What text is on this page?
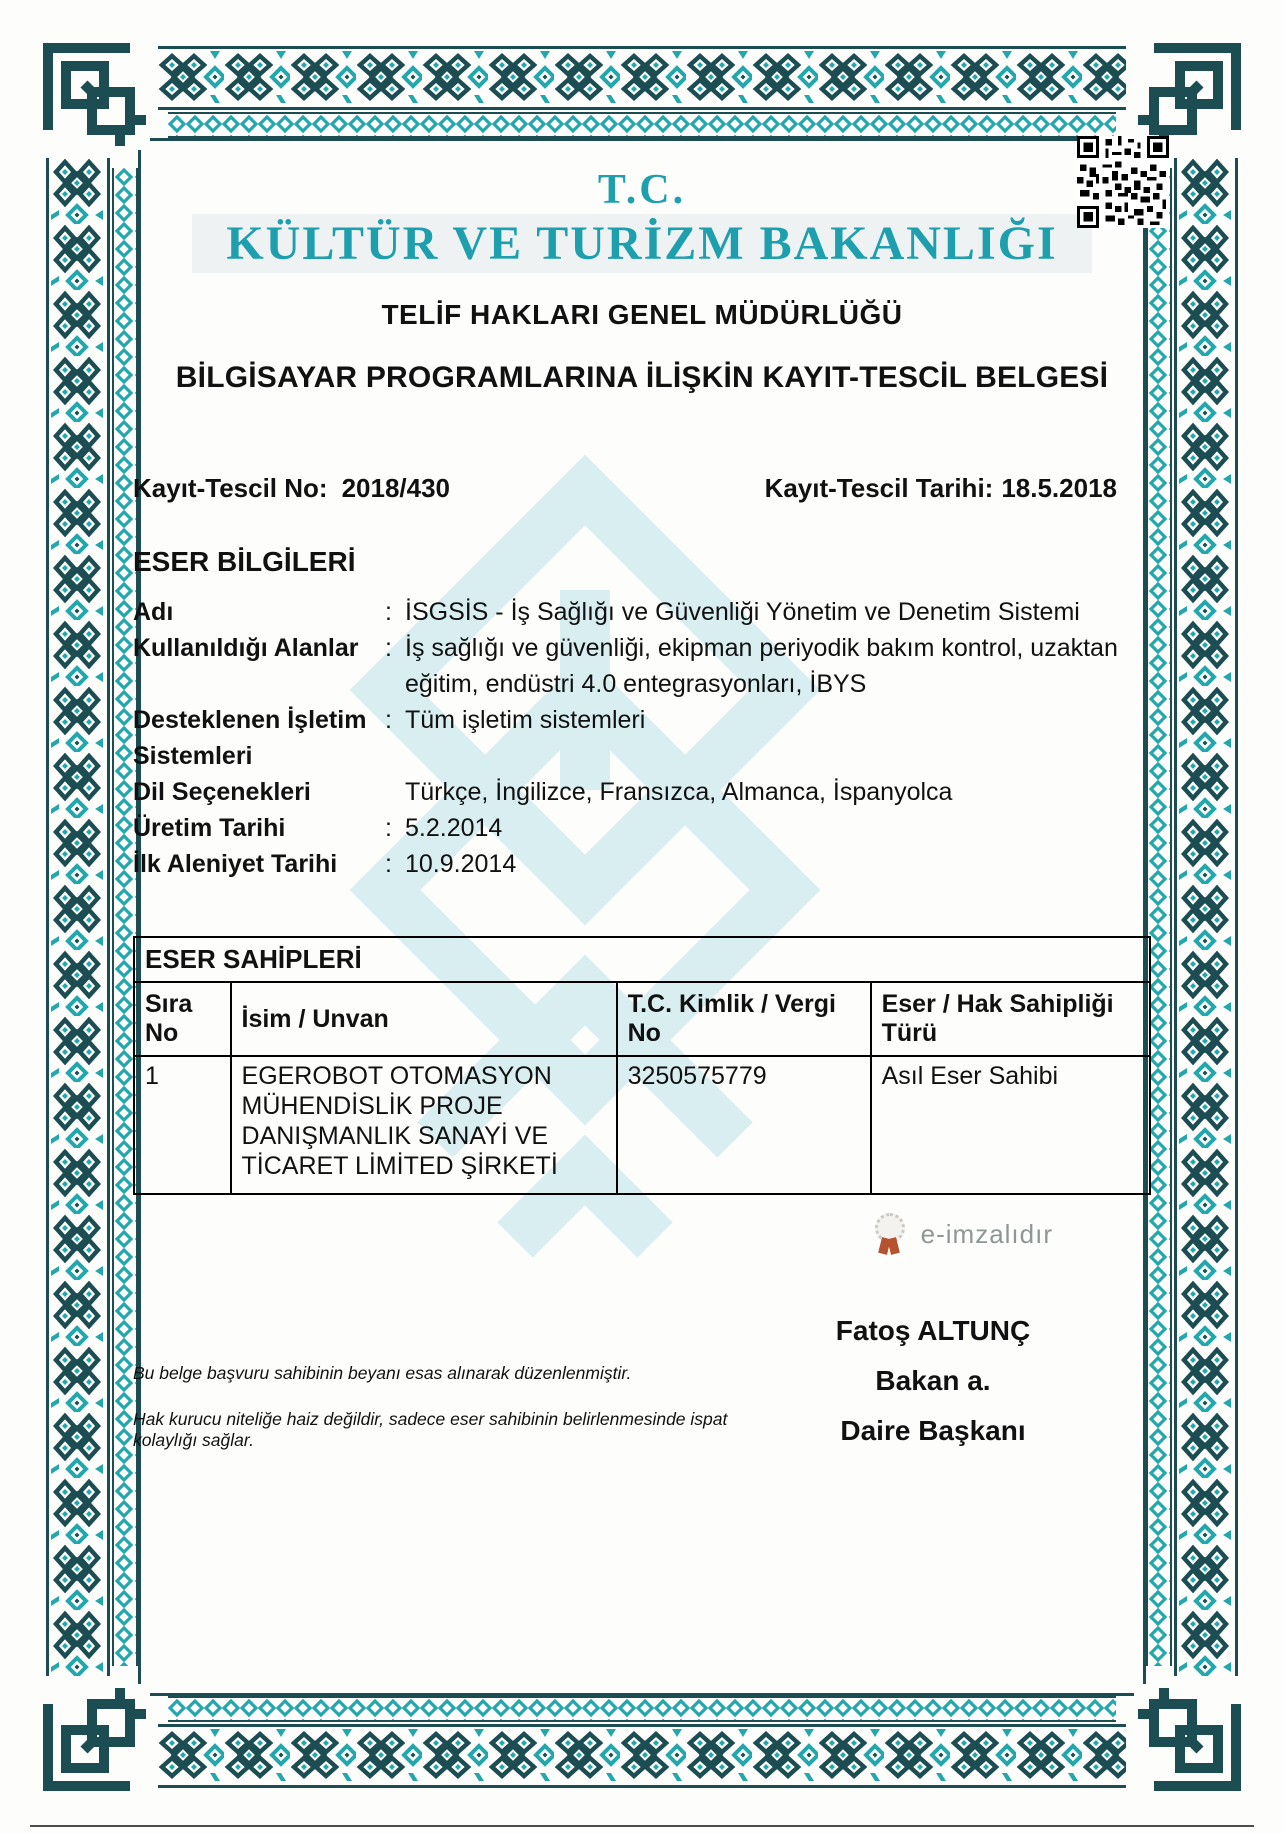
T.C.
KÜLTÜR VE TURİZM BAKANLIĞI
TELİF HAKLARI GENEL MÜDÜRLÜĞÜ
BİLGİSAYAR PROGRAMLARINA İLİŞKİN KAYIT-TESCİL BELGESİ
Kayıt-Tescil No: 2018/430	Kayıt-Tescil Tarihi: 18.5.2018
ESER BİLGİLERİ
Adı	: İSGSİS - İş Sağlığı ve Güvenliği Yönetim ve Denetim Sistemi
Kullanıldığı Alanlar	: İş sağlığı ve güvenliği, ekipman periyodik bakım kontrol, uzaktan eğitim, endüstri 4.0 entegrasyonları, İBYS
Desteklenen İşletim Sistemleri
: Tüm işletim sistemleri
Dil Seçenekleri	Türkçe, İngilizce, Fransızca, Almanca, İspanyolca
Üretim Tarihi	: 5.2.2014
İlk Aleniyet Tarihi	: 10.9.2014
ESER SAHİPLERİ			
Sıra No	İsim / Unvan	T.C. Kimlik / Vergi No	Eser / Hak Sahipliği Türü
1	EGEROBOT OTOMASYON MÜHENDİSLİK PROJE DANIŞMANLIK SANAYİ VE TİCARET LİMİTED ŞİRKETİ	3250575779	Asıl Eser Sahibi
e-imzalıdır

Bu belge başvuru sahibinin beyanı esas alınarak düzenlenmiştir.

Hak kurucu niteliğe haiz değildir, sadece eser sahibinin belirlenmesinde ispat kolaylığı sağlar.

Fatoş ALTUNÇ
Bakan a.
Daire Başkanı
